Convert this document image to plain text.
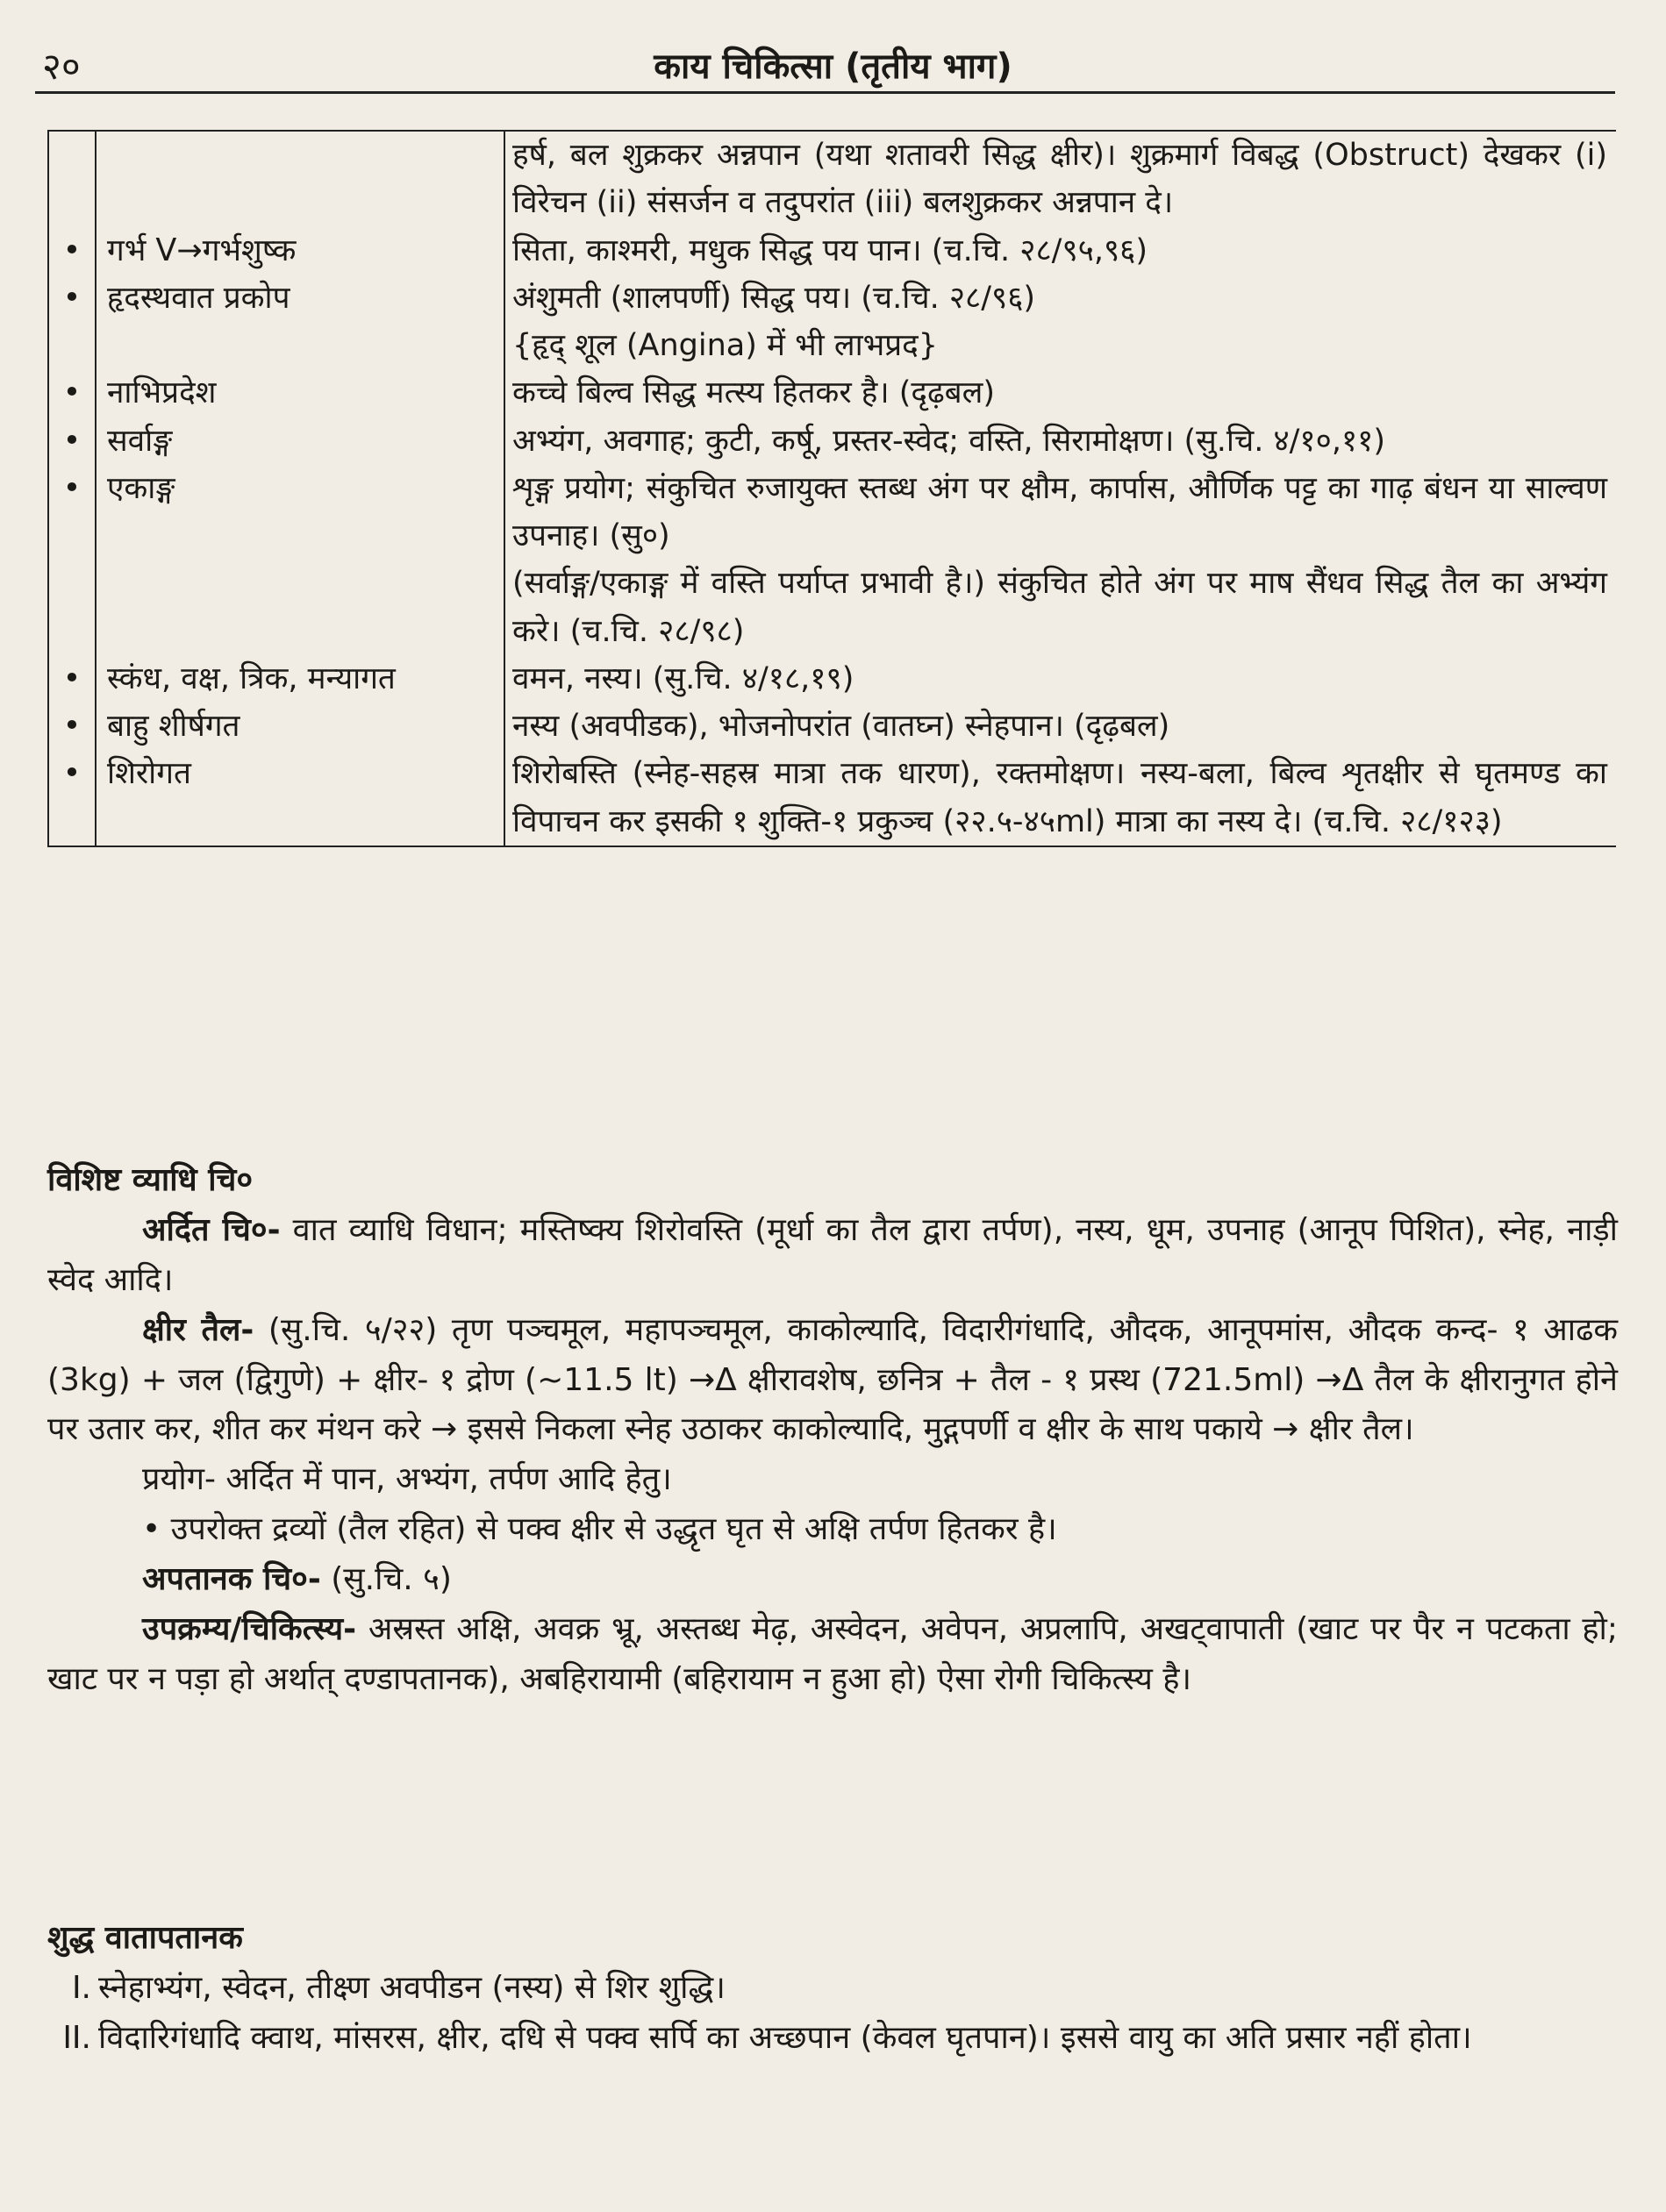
२०	काय चिकित्सा (तृतीय भाग)
		हर्ष, बल शुक्रकर अन्नपान (यथा शतावरी सिद्ध क्षीर)। शुक्रमार्ग विबद्ध (Obstruct) देखकर (i) विरेचन (ii) संसर्जन व तदुपरांत (iii) बलशुक्रकर अन्नपान दे।
•	गर्भ ᐯ→गर्भशुष्क	सिता, काश्मरी, मधुक सिद्ध पय पान। (च.चि. २८/९५,९६)
•	हृदस्थवात प्रकोप	अंशुमती (शालपर्णी) सिद्ध पय। (च.चि. २८/९६)
		{हृद् शूल (Angina) में भी लाभप्रद}
•	नाभिप्रदेश	कच्चे बिल्व सिद्ध मत्स्य हितकर है। (दृढ़बल)
•	सर्वाङ्ग	अभ्यंग, अवगाह; कुटी, कर्षू, प्रस्तर-स्वेद; वस्ति, सिरामोक्षण। (सु.चि. ४/१०,११)
•	एकाङ्ग	शृङ्ग प्रयोग; संकुचित रुजायुक्त स्तब्ध अंग पर क्षौम, कार्पास, और्णिक पट्ट का गाढ़ बंधन या साल्वण उपनाह। (सु०)
		(सर्वाङ्ग/एकाङ्ग में वस्ति पर्याप्त प्रभावी है।) संकुचित होते अंग पर माष सैंधव सिद्ध तैल का अभ्यंग करे। (च.चि. २८/९८)
•	स्कंध, वक्ष, त्रिक, मन्यागत	वमन, नस्य। (सु.चि. ४/१८,१९)
•	बाहु शीर्षगत	नस्य (अवपीडक), भोजनोपरांत (वातघ्न) स्नेहपान। (दृढ़बल)
•	शिरोगत	शिरोबस्ति (स्नेह-सहस्र मात्रा तक धारण), रक्तमोक्षण। नस्य-बला, बिल्व शृतक्षीर से घृतमण्ड का विपाचन कर इसकी १ शुक्ति-१ प्रकुञ्च (२२.५-४५ml) मात्रा का नस्य दे। (च.चि. २८/१२३)
विशिष्ट व्याधि चि०
अर्दित चि०- वात व्याधि विधान; मस्तिष्क्य शिरोवस्ति (मूर्धा का तैल द्वारा तर्पण), नस्य, धूम, उपनाह (आनूप पिशित), स्नेह, नाड़ी स्वेद आदि।
क्षीर तैल- (सु.चि. ५/२२) तृण पञ्चमूल, महापञ्चमूल, काकोल्यादि, विदारीगंधादि, औदक, आनूपमांस, औदक कन्द- १ आढक (3kg) + जल (द्विगुणे) + क्षीर- १ द्रोण (~11.5 lt) →Δ क्षीरावशेष, छनित्र + तैल - १ प्रस्थ (721.5ml) →Δ तैल के क्षीरानुगत होने पर उतार कर, शीत कर मंथन करे → इससे निकला स्नेह उठाकर काकोल्यादि, मुद्गपर्णी व क्षीर के साथ पकाये → क्षीर तैल।
प्रयोग- अर्दित में पान, अभ्यंग, तर्पण आदि हेतु।
• उपरोक्त द्रव्यों (तैल रहित) से पक्व क्षीर से उद्धृत घृत से अक्षि तर्पण हितकर है।
अपतानक चि०- (सु.चि. ५)
उपक्रम्य/चिकित्स्य- अस्रस्त अक्षि, अवक्र भ्रू, अस्तब्ध मेढ़, अस्वेदन, अवेपन, अप्रलापि, अखट्वापाती (खाट पर पैर न पटकता हो; खाट पर न पड़ा हो अर्थात् दण्डापतानक), अबहिरायामी (बहिरायाम न हुआ हो) ऐसा रोगी चिकित्स्य है।
शुद्ध वातापतानक
I. स्नेहाभ्यंग, स्वेदन, तीक्ष्ण अवपीडन (नस्य) से शिर शुद्धि।
II. विदारिगंधादि क्वाथ, मांसरस, क्षीर, दधि से पक्व सर्पि का अच्छपान (केवल घृतपान)। इससे वायु का अति प्रसार नहीं होता।
